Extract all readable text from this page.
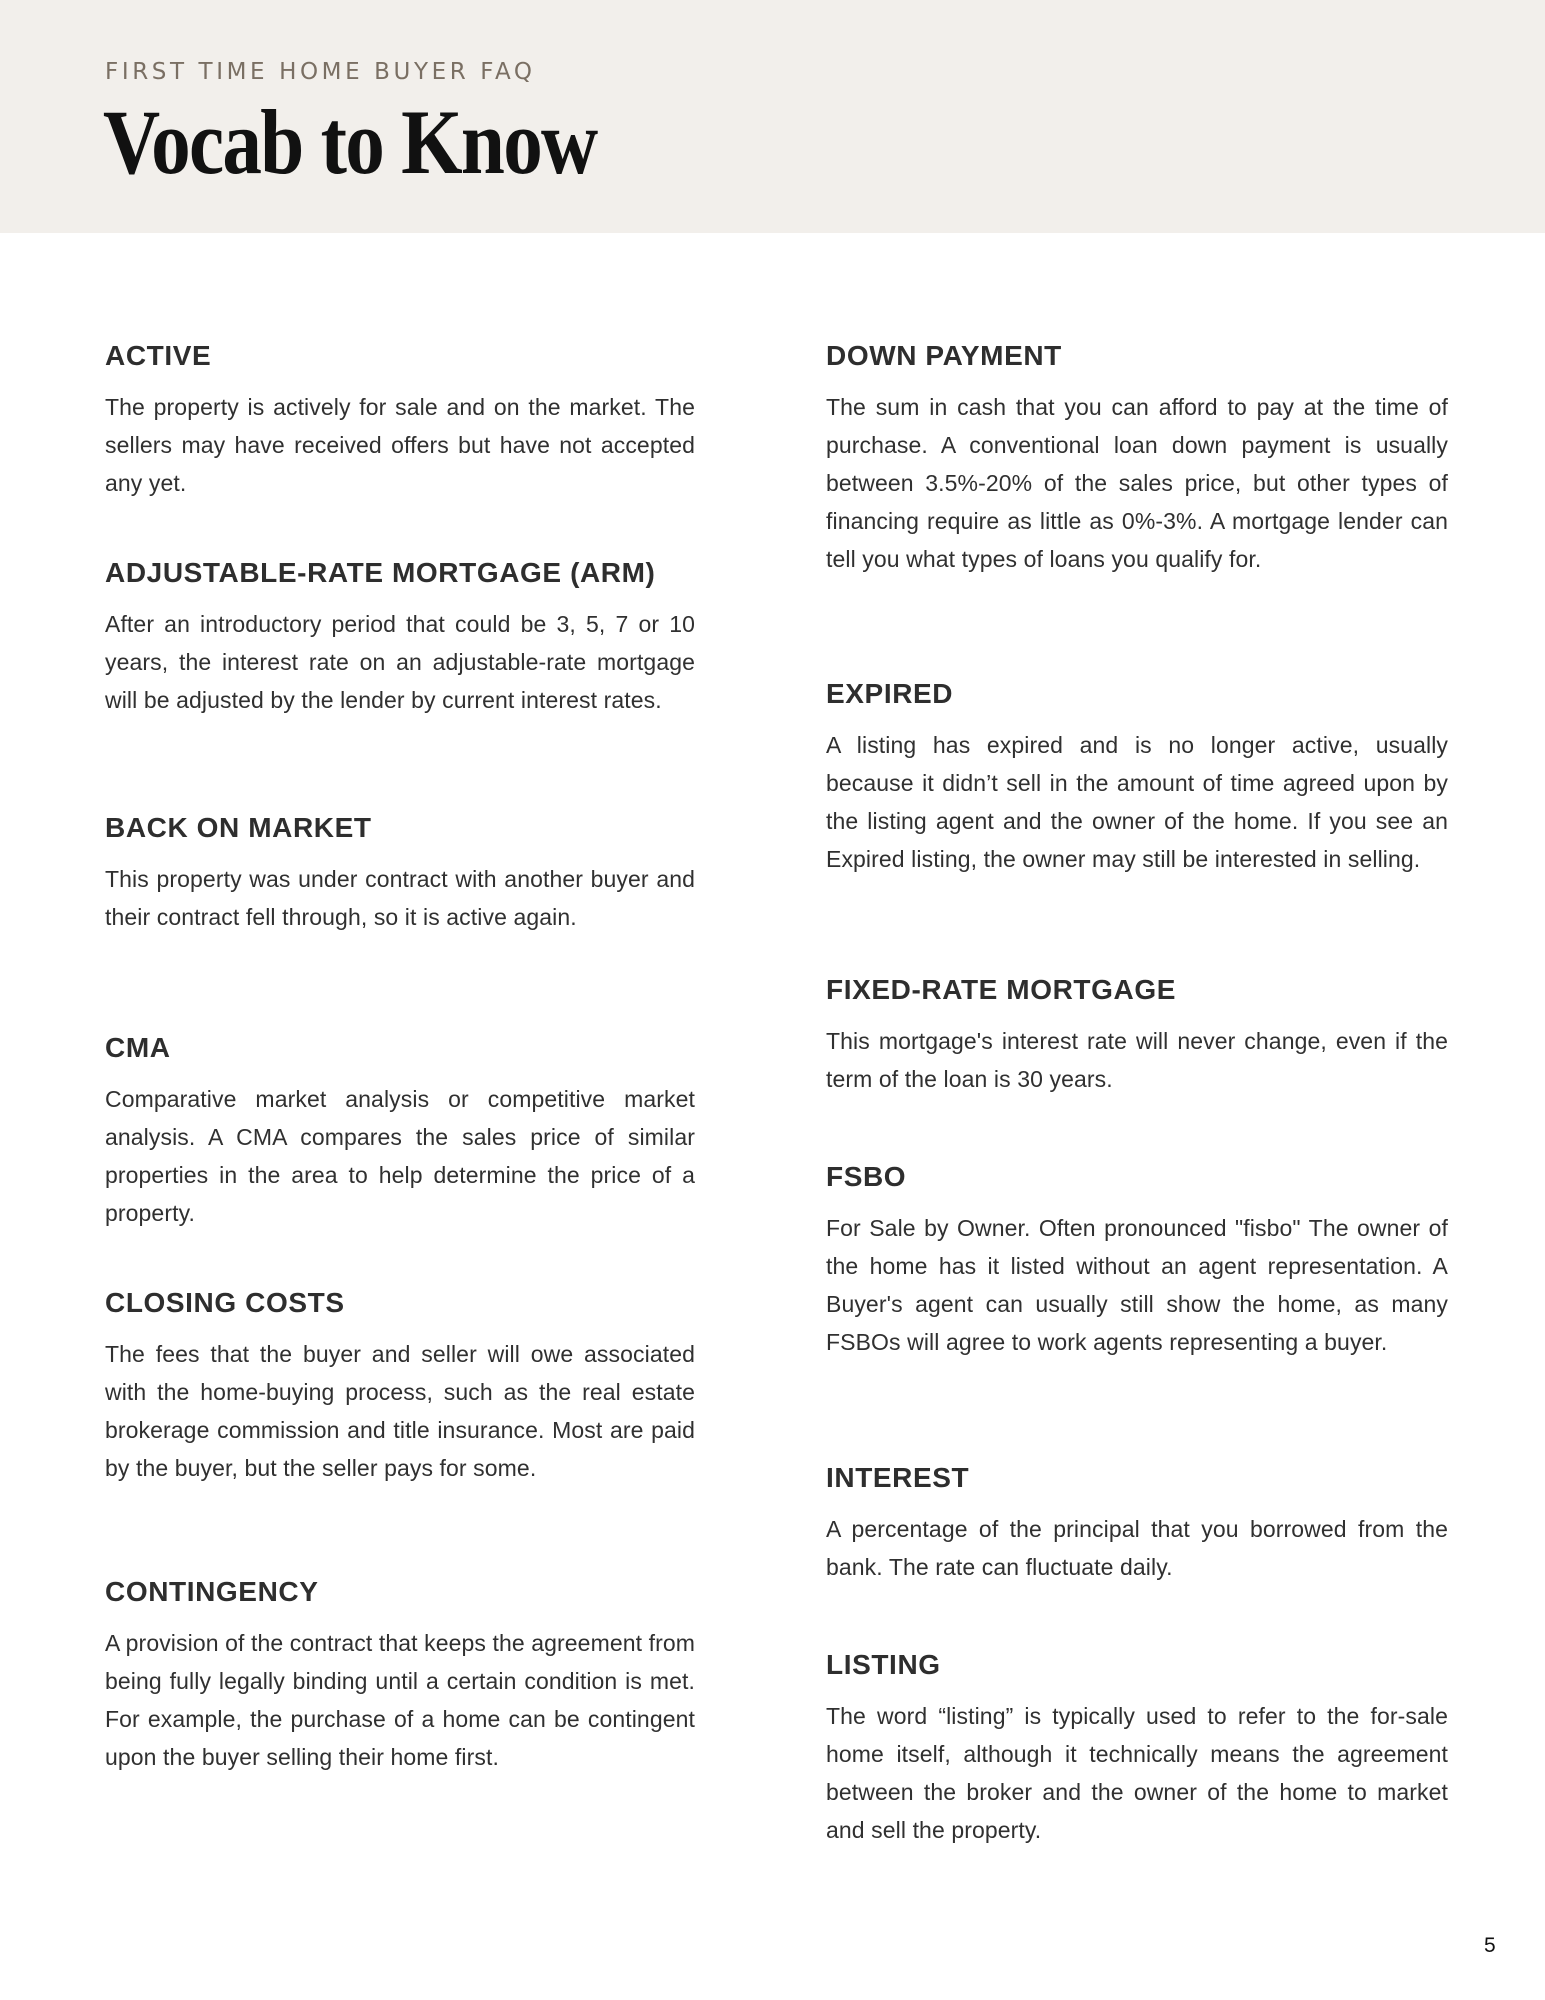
FIRST TIME HOME BUYER FAQ
Vocab to Know
ACTIVE

The property is actively for sale and on the market. The sellers may have received offers but have not accepted any yet.

ADJUSTABLE-RATE MORTGAGE (ARM)

After an introductory period that could be 3, 5, 7 or 10 years, the interest rate on an adjustable-rate mortgage will be adjusted by the lender by current interest rates.

BACK ON MARKET

This property was under contract with another buyer and their contract fell through, so it is active again.

CMA

Comparative market analysis or competitive market analysis. A CMA compares the sales price of similar properties in the area to help determine the price of a property.

CLOSING COSTS

The fees that the buyer and seller will owe associated with the home-buying process, such as the real estate brokerage commission and title insurance. Most are paid by the buyer, but the seller pays for some.

CONTINGENCY

A provision of the contract that keeps the agreement from being fully legally binding until a certain condition is met. For example, the purchase of a home can be contingent upon the buyer selling their home first.

DOWN PAYMENT

The sum in cash that you can afford to pay at the time of purchase. A conventional loan down payment is usually between 3.5%-20% of the sales price, but other types of financing require as little as 0%-3%. A mortgage lender can tell you what types of loans you qualify for.

EXPIRED

A listing has expired and is no longer active, usually because it didn’t sell in the amount of time agreed upon by the listing agent and the owner of the home. If you see an Expired listing, the owner may still be interested in selling.

FIXED-RATE MORTGAGE

This mortgage's interest rate will never change, even if the term of the loan is 30 years.

FSBO

For Sale by Owner. Often pronounced "fisbo" The owner of the home has it listed without an agent representation. A Buyer's agent can usually still show the home, as many FSBOs will agree to work agents representing a buyer.

INTEREST

A percentage of the principal that you borrowed from the bank. The rate can fluctuate daily.

LISTING

The word “listing” is typically used to refer to the for-sale home itself, although it technically means the agreement between the broker and the owner of the home to market and sell the property.

5
